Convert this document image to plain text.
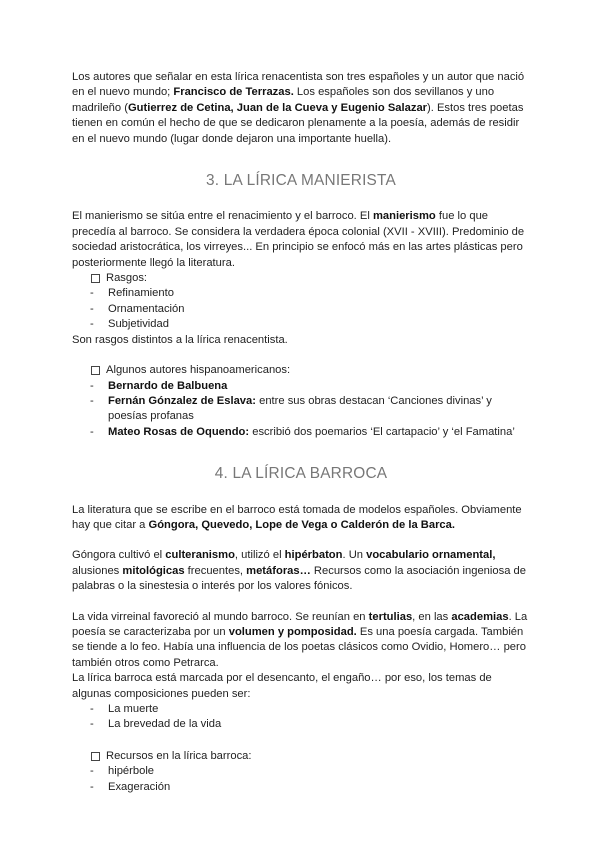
Los autores que señalar en esta lírica renacentista son tres españoles y un autor que nació en el nuevo mundo; Francisco de Terrazas. Los españoles son dos sevillanos y uno madrileño (Gutierrez de Cetina, Juan de la Cueva y Eugenio Salazar). Estos tres poetas tienen en común el hecho de que se dedicaron plenamente a la poesía, además de residir en el nuevo mundo (lugar donde dejaron una importante huella).

3. LA LÍRICA MANIERISTA

El manierismo se sitúa entre el renacimiento y el barroco. El manierismo fue lo que precedía al barroco. Se considera la verdadera época colonial (XVII - XVIII). Predominio de sociedad aristocrática, los virreyes... En principio se enfocó más en las artes plásticas pero posteriormente llegó la literatura.

Rasgos:
- Refinamiento
- Ornamentación
- Subjetividad

Son rasgos distintos a la lírica renacentista.

Algunos autores hispanoamericanos:
- Bernardo de Balbuena
- Fernán Gónzalez de Eslava: entre sus obras destacan ‘Canciones divinas’ y poesías profanas
- Mateo Rosas de Oquendo: escribió dos poemarios ‘El cartapacio’ y ‘el Famatina’
4. LA LÍRICA BARROCA

La literatura que se escribe en el barroco está tomada de modelos españoles. Obviamente hay que citar a Góngora, Quevedo, Lope de Vega o Calderón de la Barca.

Góngora cultivó el culteranismo, utilizó el hipérbaton. Un vocabulario ornamental, alusiones mitológicas frecuentes, metáforas… Recursos como la asociación ingeniosa de palabras o la sinestesia o interés por los valores fónicos.

La vida virreinal favoreció al mundo barroco. Se reunían en tertulias, en las academias. La poesía se caracterizaba por un volumen y pomposidad. Es una poesía cargada. También se tiende a lo feo. Había una influencia de los poetas clásicos como Ovidio, Homero… pero también otros como Petrarca.

La lírica barroca está marcada por el desencanto, el engaño… por eso, los temas de algunas composiciones pueden ser:

- La muerte
- La brevedad de la vida
Recursos en la lírica barroca:
- hipérbole
- Exageración
